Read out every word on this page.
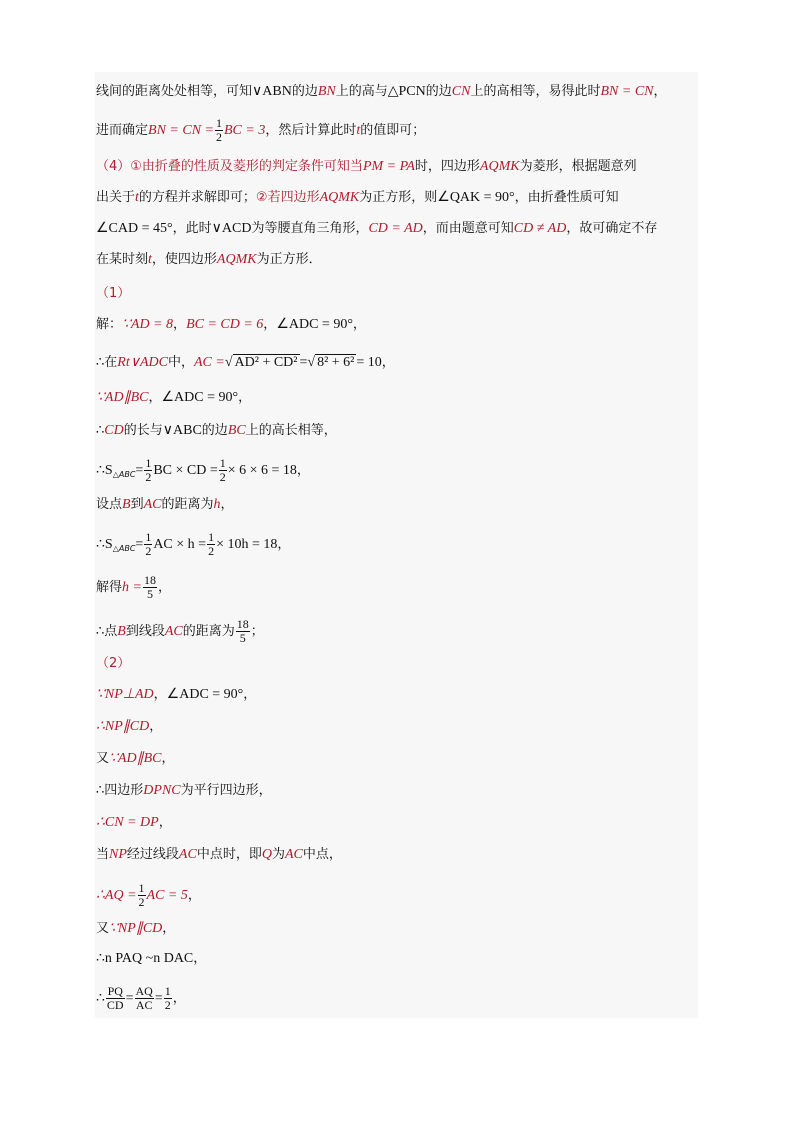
线间的距离处处相等，可知∨ABN的边BN上的高与△PCN的边CN上的高相等，易得此时BN = CN，
进而确定BN = CN = $\frac{1}{2}$ BC = 3，然后计算此时t的值即可；
（4）①由折叠的性质及菱形的判定条件可知当PM = PA时，四边形AQMK为菱形，根据题意列
出关于t的方程并求解即可；②若四边形AQMK为正方形，则∠QAK = 90°，由折叠性质可知
∠CAD = 45°，此时∨ACD为等腰直角三角形，CD = AD，而由题意可知CD ≠ AD，故可确定不存
在某时刻t，使四边形AQMK为正方形．
（1）
解：∵AD = 8，BC = CD = 6，∠ADC = 90°，
∴在Rt∨ADC中，AC =√ AD² + CD² =√ 8² + 6² = 10，
∵AD∥BC，∠ADC = 90°，
∴CD的长与∨ABC的边BC上的高长相等，
$\therefore S_{\triangle ABC}= \frac{1}{2}$ BC × CD = $\frac{1}{2} \times 6 \times 6 = 18$，
设点B到AC的距离为h，
$\therefore S_{\triangle ABC}= \frac{1}{2}$ AC × $h = \frac{1}{2} \times 10h = 18$，
解得$h = \frac{18}{5}$ ，
∴点B到线段AC的距离为 $\frac{18}{5}$ ；
（2）
∵NP⊥AD，∠ADC = 90°，
∴NP∥CD，
又∵AD∥BC，
∴四边形DPNC为平行四边形，
∴CN = DP，
当NP经过线段AC中点时，即Q为AC中点，
∴AQ = $\frac{1}{2}$ AC = 5，
又∵NP∥CD，
∴n PAQ ~n DAC，
∴ $\frac{PQ}{CD} = \frac{AQ}{AC} = \frac{1}{2}$ ，
